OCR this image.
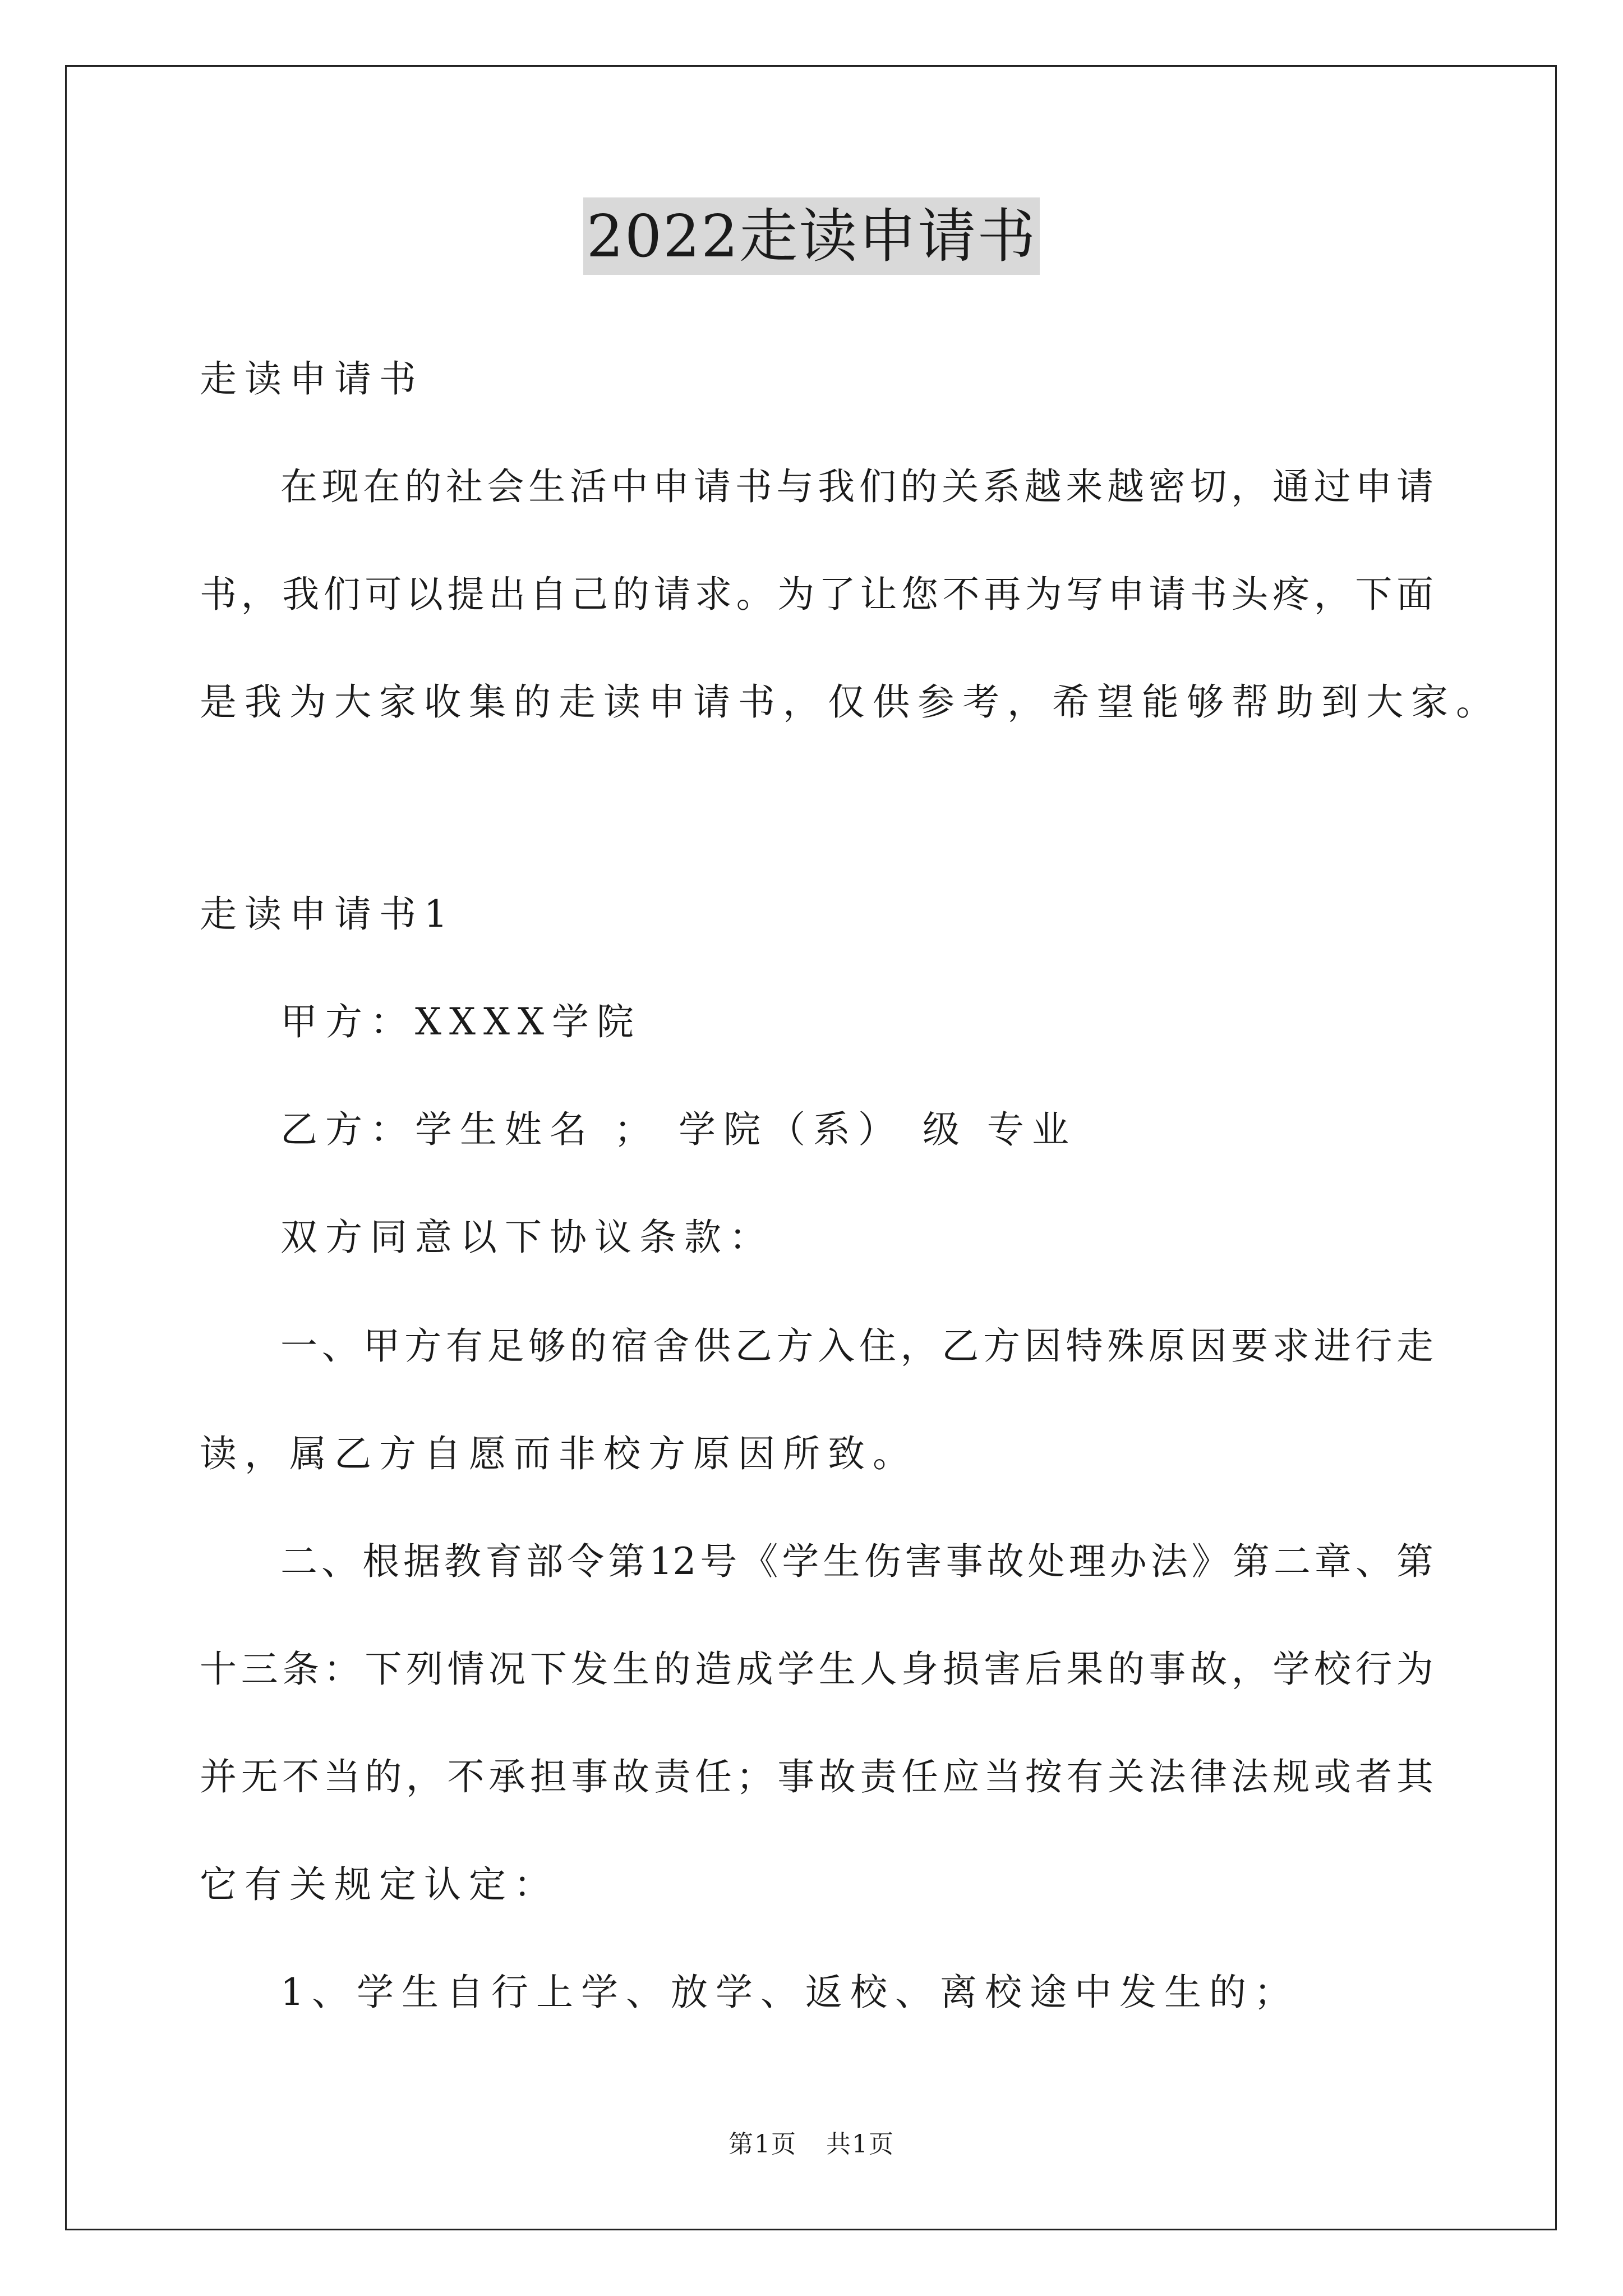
2022走读申请书
走读申请书
在现在的社会生活中申请书与我们的关系越来越密切，通过申请
书，我们可以提出自己的请求。为了让您不再为写申请书头疼，下面
是我为大家收集的走读申请书，仅供参考，希望能够帮助到大家。
走读申请书1
甲方：XXXX学院
乙方：学生姓名 ； 学院（系） 级 专业
双方同意以下协议条款：
一、甲方有足够的宿舍供乙方入住，乙方因特殊原因要求进行走
读，属乙方自愿而非校方原因所致。
二、根据教育部令第12号《学生伤害事故处理办法》第二章、第
十三条：下列情况下发生的造成学生人身损害后果的事故，学校行为
并无不当的，不承担事故责任；事故责任应当按有关法律法规或者其
它有关规定认定：
1、学生自行上学、放学、返校、离校途中发生的；
第1页 共1页
